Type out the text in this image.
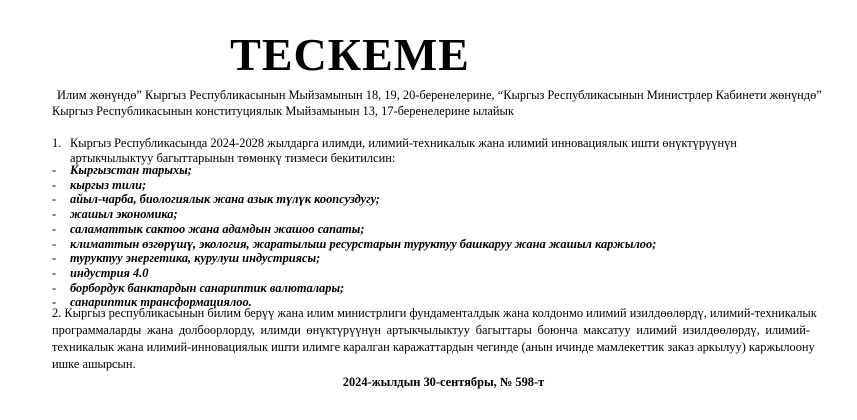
ТЕСКЕМЕ
Илим жөнүндө” Кыргыз Республикасынын Мыйзамынын 18, 19, 20-беренелерине, “Кыргыз Республикасынын Министрлер Кабинети жөнүндө”
Кыргыз Республикасынын конституциялык Мыйзамынын 13, 17-беренелерине ылайык
1. Кыргыз Республикасында 2024-2028 жылдарга илимди, илимий-техникалык жана илимий инновациялык ишти өнүктүрүүнүн
артыкчылыктуу багыттарынын төмөнкү тизмеси бекитилсин:
-	Кыргызстан тарыхы;
-	кыргыз тили;
-	айыл-чарба, биологиялык жана азык түлүк коопсуздугу;
-	жашыл экономика;
-	саламаттык сактоо жана адамдын жашоо сапаты;
-	климаттын өзгөрүшү, экология, жаратылыш ресурстарын туруктуу башкаруу жана жашыл каржылоо;
-	туруктуу энергетика, курулуш индустриясы;
-	индустрия 4.0
-	борбордук банктардын санариптик валюталары;
-	санариптик трансформациялоо.
2. Кыргыз республикасынын билим берүү жана илим министрлиги фундаменталдык жана колдонмо илимий изилдөөлөрдү, илимий-техникалык
программаларды жана долбоорлорду, илимди өнүктүрүүнүн артыкчылыктуу багыттары боюнча максатуу илимий изилдөөлөрдү, илимий-
техникалык жана илимий-инновациялык ишти илимге каралган каражаттардын чегинде (анын ичинде мамлекеттик заказ аркылуу) каржылоону
ишке ашырсын.
2024-жылдын 30-сентябры, № 598-т
